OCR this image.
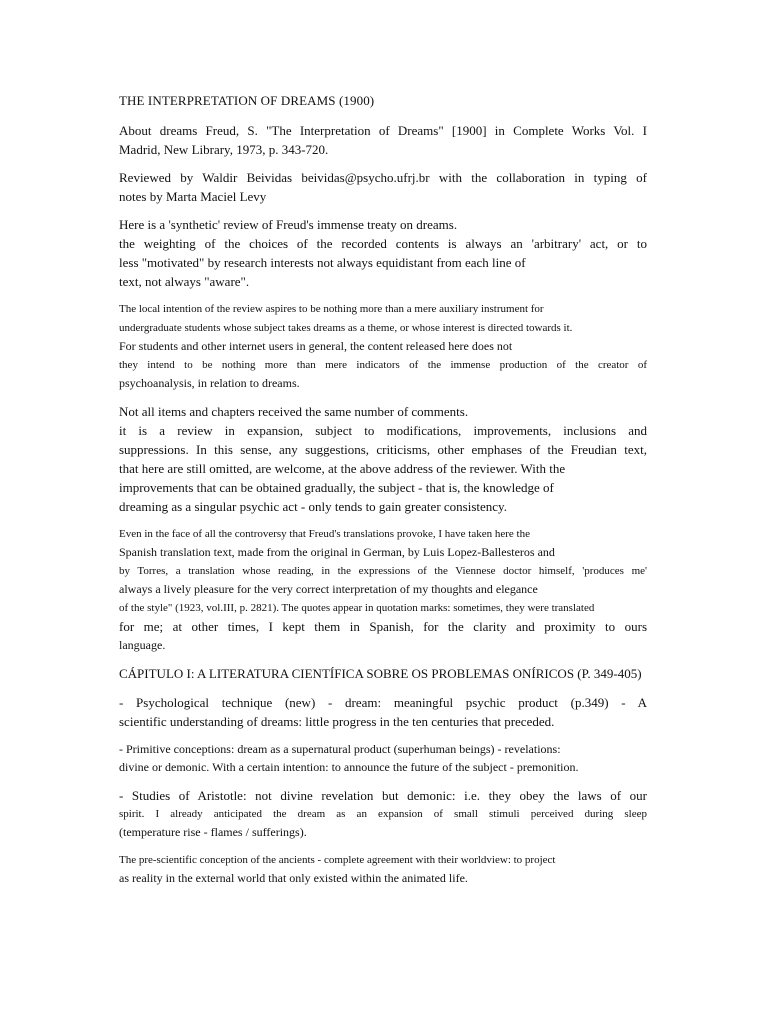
THE INTERPRETATION OF DREAMS (1900)
About dreams Freud, S. "The Interpretation of Dreams" [1900] in Complete Works Vol. I
Madrid, New Library, 1973, p. 343-720.
Reviewed by Waldir Beividas beividas@psycho.ufrj.br with the collaboration in typing of
notes by Marta Maciel Levy
Here is a 'synthetic' review of Freud's immense treaty on dreams.
the weighting of the choices of the recorded contents is always an 'arbitrary' act, or to
less "motivated" by research interests not always equidistant from each line of
text, not always "aware".
The local intention of the review aspires to be nothing more than a mere auxiliary instrument for
undergraduate students whose subject takes dreams as a theme, or whose interest is directed towards it.
For students and other internet users in general, the content released here does not
they intend to be nothing more than mere indicators of the immense production of the creator of
psychoanalysis, in relation to dreams.
Not all items and chapters received the same number of comments.
it is a review in expansion, subject to modifications, improvements, inclusions and
suppressions. In this sense, any suggestions, criticisms, other emphases of the Freudian text,
that here are still omitted, are welcome, at the above address of the reviewer. With the
improvements that can be obtained gradually, the subject - that is, the knowledge of
dreaming as a singular psychic act - only tends to gain greater consistency.
Even in the face of all the controversy that Freud's translations provoke, I have taken here the
Spanish translation text, made from the original in German, by Luis Lopez-Ballesteros and
by Torres, a translation whose reading, in the expressions of the Viennese doctor himself, 'produces me'
always a lively pleasure for the very correct interpretation of my thoughts and elegance
of the style" (1923, vol.III, p. 2821). The quotes appear in quotation marks: sometimes, they were translated
for me; at other times, I kept them in Spanish, for the clarity and proximity to ours
language.
CÁPITULO I: A LITERATURA CIENTÍFICA SOBRE OS PROBLEMAS ONÍRICOS (P. 349-405)
- Psychological technique (new) - dream: meaningful psychic product (p.349) - A
scientific understanding of dreams: little progress in the ten centuries that preceded.
- Primitive conceptions: dream as a supernatural product (superhuman beings) - revelations:
divine or demonic. With a certain intention: to announce the future of the subject - premonition.
- Studies of Aristotle: not divine revelation but demonic: i.e. they obey the laws of our
spirit. I already anticipated the dream as an expansion of small stimuli perceived during sleep
(temperature rise - flames / sufferings).
The pre-scientific conception of the ancients - complete agreement with their worldview: to project
as reality in the external world that only existed within the animated life.
